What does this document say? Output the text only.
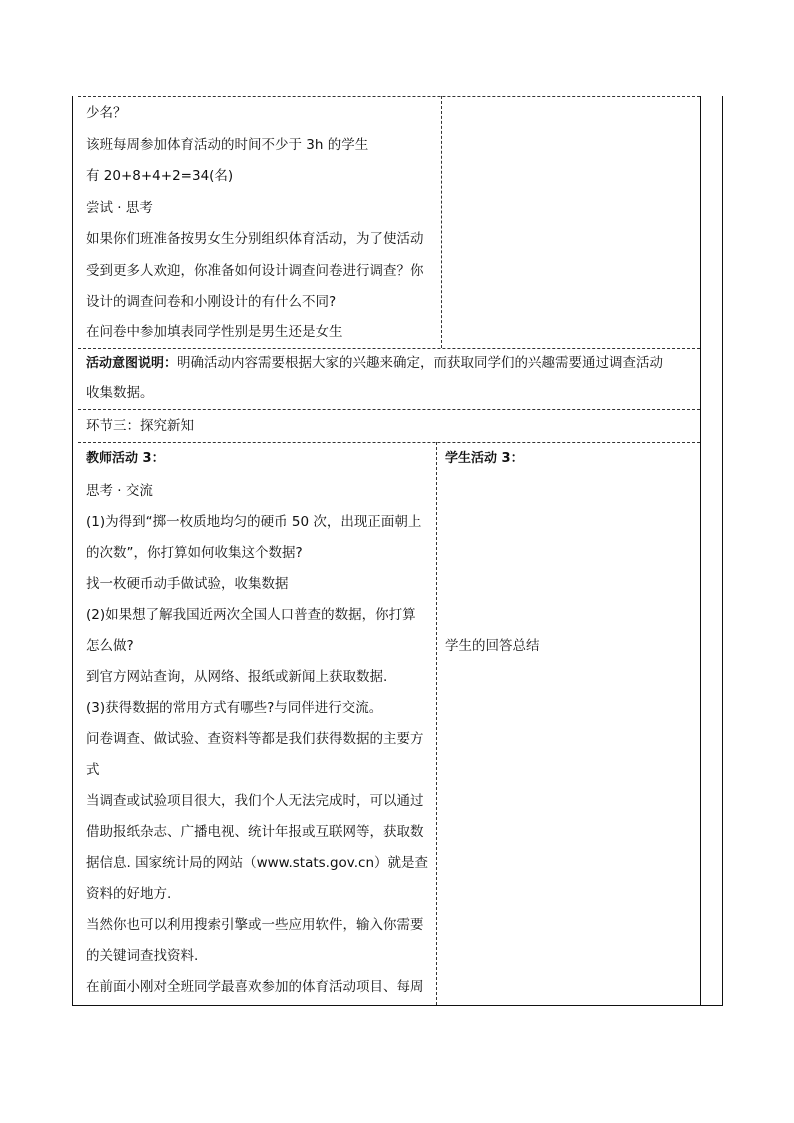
少名？
该班每周参加体育活动的时间不少于 3h 的学生
有 20+8+4+2=34(名)
尝试 · 思考
如果你们班准备按男女生分别组织体育活动，为了使活动
受到更多人欢迎，你准备如何设计调查问卷进行调查？你
设计的调查问卷和小刚设计的有什么不同?
在问卷中参加填表同学性别是男生还是女生
活动意图说明：明确活动内容需要根据大家的兴趣来确定，而获取同学们的兴趣需要通过调查活动
收集数据。
环节三：探究新知
教师活动 3：
思考 · 交流
(1)为得到“掷一枚质地均匀的硬币 50 次，出现正面朝上
的次数”，你打算如何收集这个数据?
找一枚硬币动手做试验，收集数据
(2)如果想了解我国近两次全国人口普查的数据，你打算
怎么做?
到官方网站查询，从网络、报纸或新闻上获取数据.
(3)获得数据的常用方式有哪些?与同伴进行交流。
问卷调查、做试验、查资料等都是我们获得数据的主要方
式
当调查或试验项目很大，我们个人无法完成时，可以通过
借助报纸杂志、广播电视、统计年报或互联网等，获取数
据信息. 国家统计局的网站（www.stats.gov.cn）就是查
资料的好地方.
当然你也可以利用搜索引擎或一些应用软件，输入你需要
的关键词查找资料.
在前面小刚对全班同学最喜欢参加的体育活动项目、每周
学生活动 3：
学生的回答总结
